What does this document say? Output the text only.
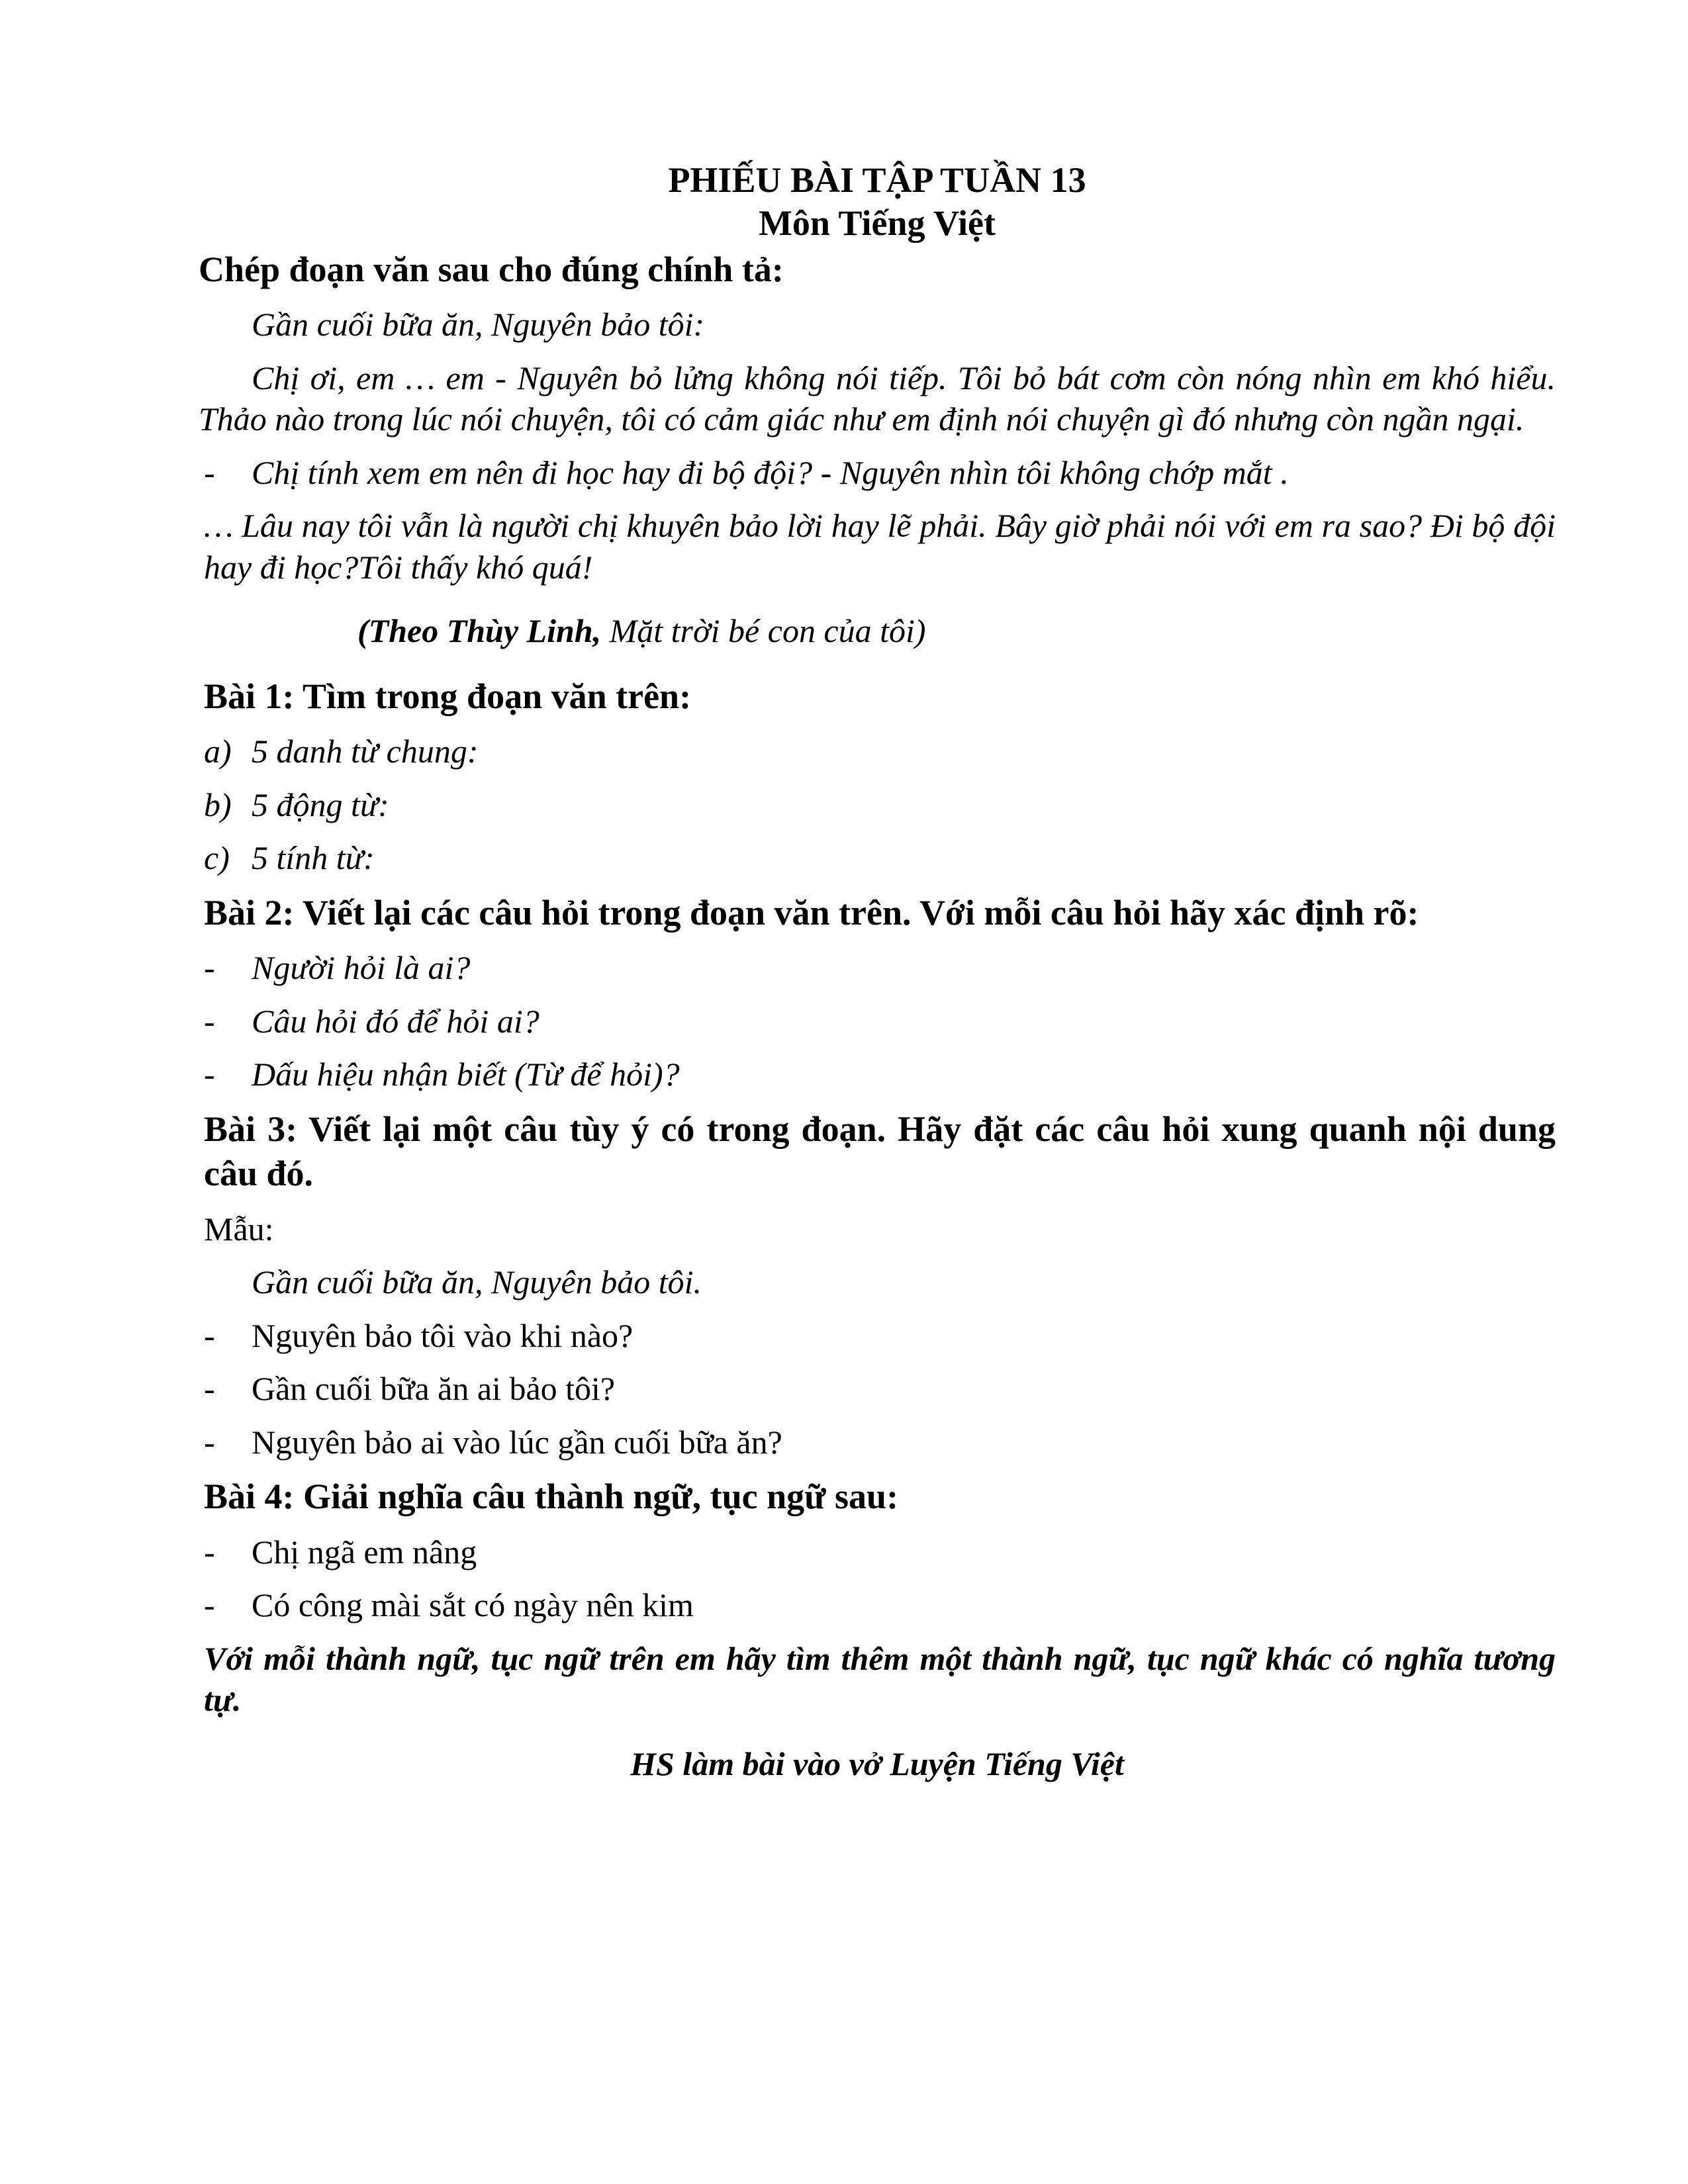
PHIẾU BÀI TẬP TUẦN 13

Môn Tiếng Việt

Chép đoạn văn sau cho đúng chính tả:

Gần cuối bữa ăn, Nguyên bảo tôi:

Chị ơi, em … em - Nguyên bỏ lửng không nói tiếp. Tôi bỏ bát cơm còn nóng nhìn em khó hiểu. Thảo nào trong lúc nói chuyện, tôi có cảm giác như em định nói chuyện gì đó nhưng còn ngần ngại.

-	Chị tính xem em nên đi học hay đi bộ đội? - Nguyên nhìn tôi không chớp mắt .

… Lâu nay tôi vẫn là người chị khuyên bảo lời hay lẽ phải. Bây giờ phải nói với em ra sao? Đi bộ đội hay đi học?Tôi thấy khó quá!

(Theo Thùy Linh, Mặt trời bé con của tôi)

Bài 1: Tìm trong đoạn văn trên:

a) 5 danh từ chung:
b) 5 động từ:
c) 5 tính từ:

Bài 2: Viết lại các câu hỏi trong đoạn văn trên. Với mỗi câu hỏi hãy xác định rõ:

-	Người hỏi là ai?
-	Câu hỏi đó để hỏi ai?
-	Dấu hiệu nhận biết (Từ để hỏi)?

Bài 3: Viết lại một câu tùy ý có trong đoạn. Hãy đặt các câu hỏi xung quanh nội dung câu đó.

Mẫu:

Gần cuối bữa ăn, Nguyên bảo tôi.

-	Nguyên bảo tôi vào khi nào?
-	Gần cuối bữa ăn ai bảo tôi?
-	Nguyên bảo ai vào lúc gần cuối bữa ăn?

Bài 4: Giải nghĩa câu thành ngữ, tục ngữ sau:

-	Chị ngã em nâng
-	Có công mài sắt có ngày nên kim

Với mỗi thành ngữ, tục ngữ trên em hãy tìm thêm một thành ngữ, tục ngữ khác có nghĩa tương tự.

HS làm bài vào vở Luyện Tiếng Việt
